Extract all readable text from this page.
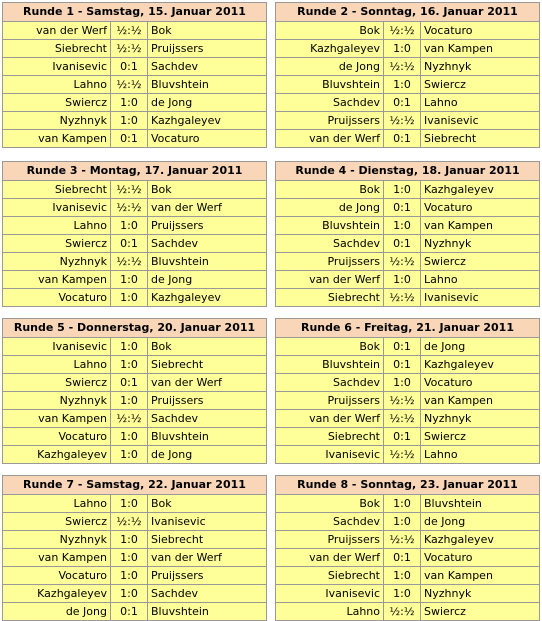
Runde 1 - Samstag, 15. Januar 2011		
van der Werf	½:½	Bok
Siebrecht	½:½	Pruijssers
Ivanisevic	0:1	Sachdev
Lahno	½:½	Bluvshtein
Swiercz	1:0	de Jong
Nyzhnyk	1:0	Kazhgaleyev
van Kampen	0:1	Vocaturo
Runde 2 - Sonntag, 16. Januar 2011		
Bok	½:½	Vocaturo
Kazhgaleyev	1:0	van Kampen
de Jong	½:½	Nyzhnyk
Bluvshtein	1:0	Swiercz
Sachdev	0:1	Lahno
Pruijssers	½:½	Ivanisevic
van der Werf	0:1	Siebrecht
Runde 3 - Montag, 17. Januar 2011		
Siebrecht	½:½	Bok
Ivanisevic	½:½	van der Werf
Lahno	1:0	Pruijssers
Swiercz	0:1	Sachdev
Nyzhnyk	½:½	Bluvshtein
van Kampen	1:0	de Jong
Vocaturo	1:0	Kazhgaleyev
Runde 4 - Dienstag, 18. Januar 2011		
Bok	1:0	Kazhgaleyev
de Jong	0:1	Vocaturo
Bluvshtein	1:0	van Kampen
Sachdev	0:1	Nyzhnyk
Pruijssers	½:½	Swiercz
van der Werf	1:0	Lahno
Siebrecht	½:½	Ivanisevic
Runde 5 - Donnerstag, 20. Januar 2011		
Ivanisevic	1:0	Bok
Lahno	1:0	Siebrecht
Swiercz	0:1	van der Werf
Nyzhnyk	1:0	Pruijssers
van Kampen	½:½	Sachdev
Vocaturo	1:0	Bluvshtein
Kazhgaleyev	1:0	de Jong
Runde 6 - Freitag, 21. Januar 2011		
Bok	0:1	de Jong
Bluvshtein	0:1	Kazhgaleyev
Sachdev	1:0	Vocaturo
Pruijssers	½:½	van Kampen
van der Werf	½:½	Nyzhnyk
Siebrecht	0:1	Swiercz
Ivanisevic	½:½	Lahno
Runde 7 - Samstag, 22. Januar 2011		
Lahno	1:0	Bok
Swiercz	½:½	Ivanisevic
Nyzhnyk	1:0	Siebrecht
van Kampen	1:0	van der Werf
Vocaturo	1:0	Pruijssers
Kazhgaleyev	1:0	Sachdev
de Jong	0:1	Bluvshtein
Runde 8 - Sonntag, 23. Januar 2011		
Bok	1:0	Bluvshtein
Sachdev	1:0	de Jong
Pruijssers	½:½	Kazhgaleyev
van der Werf	0:1	Vocaturo
Siebrecht	1:0	van Kampen
Ivanisevic	1:0	Nyzhnyk
Lahno	½:½	Swiercz
